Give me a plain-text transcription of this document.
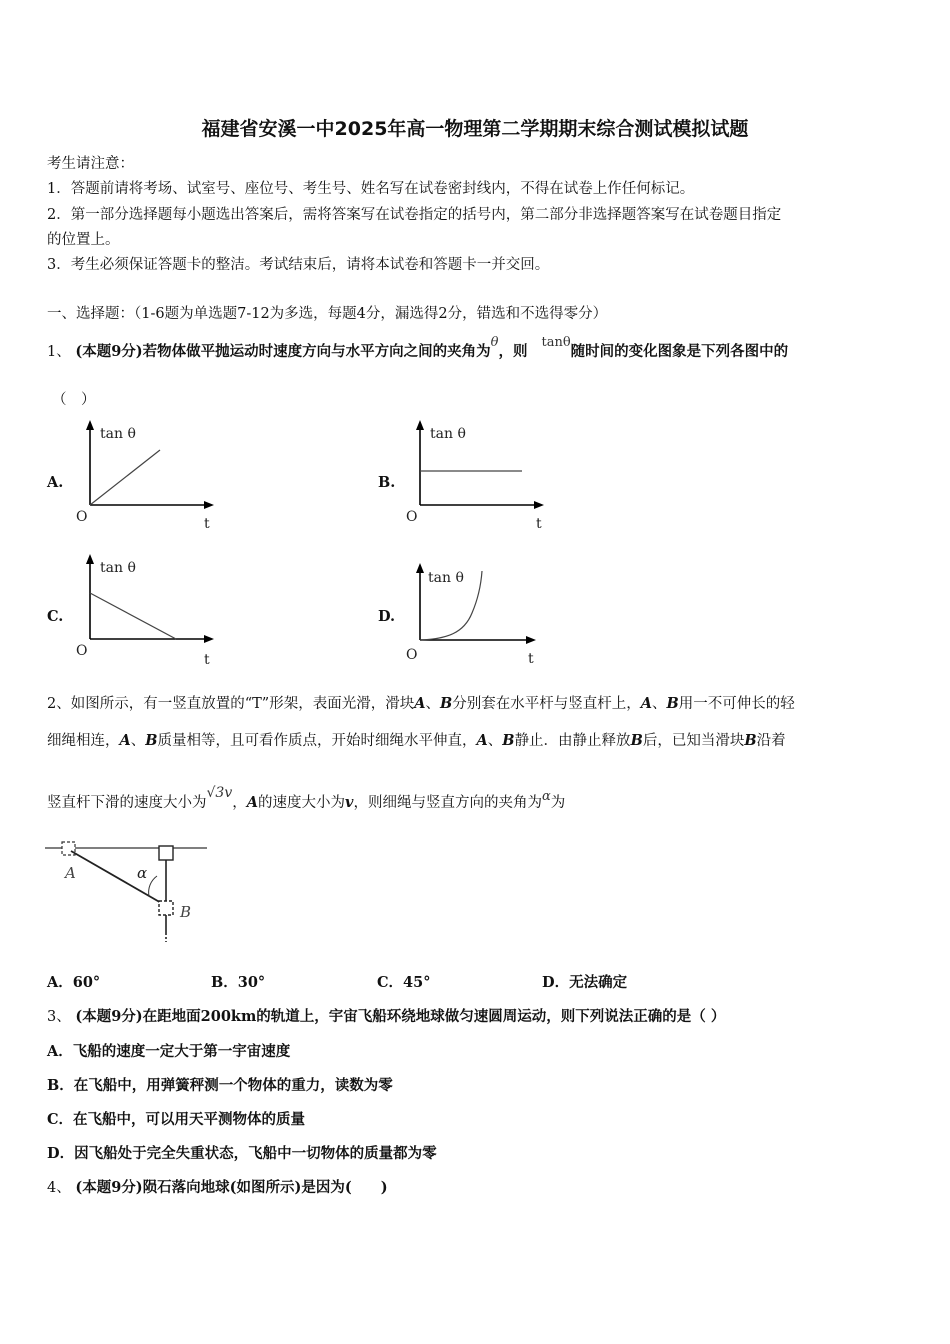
福建省安溪一中2025年高一物理第二学期期末综合测试模拟试题
考生请注意：
1．答题前请将考场、试室号、座位号、考生号、姓名写在试卷密封线内，不得在试卷上作任何标记。
2．第一部分选择题每小题选出答案后，需将答案写在试卷指定的括号内，第二部分非选择题答案写在试卷题目指定
的位置上。
3．考生必须保证答题卡的整洁。考试结束后，请将本试卷和答题卡一并交回。
一、选择题：（1-6题为单选题7-12为多选，每题4分，漏选得2分，错选和不选得零分）
1、 (本题9分)若物体做平抛运动时速度方向与水平方向之间的夹角为θ，则tanθ随时间的变化图象是下列各图中的
（　）
A.	B.
C.	D.
tan θ
O	t
tan θ
O	t
tan θ
O
t
tan θ
O	t
2、如图所示，有一竖直放置的“T”形架，表面光滑，滑块A、B分别套在水平杆与竖直杆上，A、B用一不可伸长的轻
细绳相连，A、B质量相等，且可看作质点，开始时细绳水平伸直，A、B静止．由静止释放B后，已知当滑块B沿着
竖直杆下滑的速度大小为√3v，A的速度大小为v，则细绳与竖直方向的夹角为α为
A	α
B
A．60°	B．30°	C．45°	D．无法确定
3、 (本题9分)在距地面200km的轨道上，宇宙飞船环绕地球做匀速圆周运动，则下列说法正确的是（ ）
A．飞船的速度一定大于第一宇宙速度
B．在飞船中，用弹簧秤测一个物体的重力，读数为零
C．在飞船中，可以用天平测物体的质量
D．因飞船处于完全失重状态，飞船中一切物体的质量都为零
4、 (本题9分)陨石落向地球(如图所示)是因为(　　)
